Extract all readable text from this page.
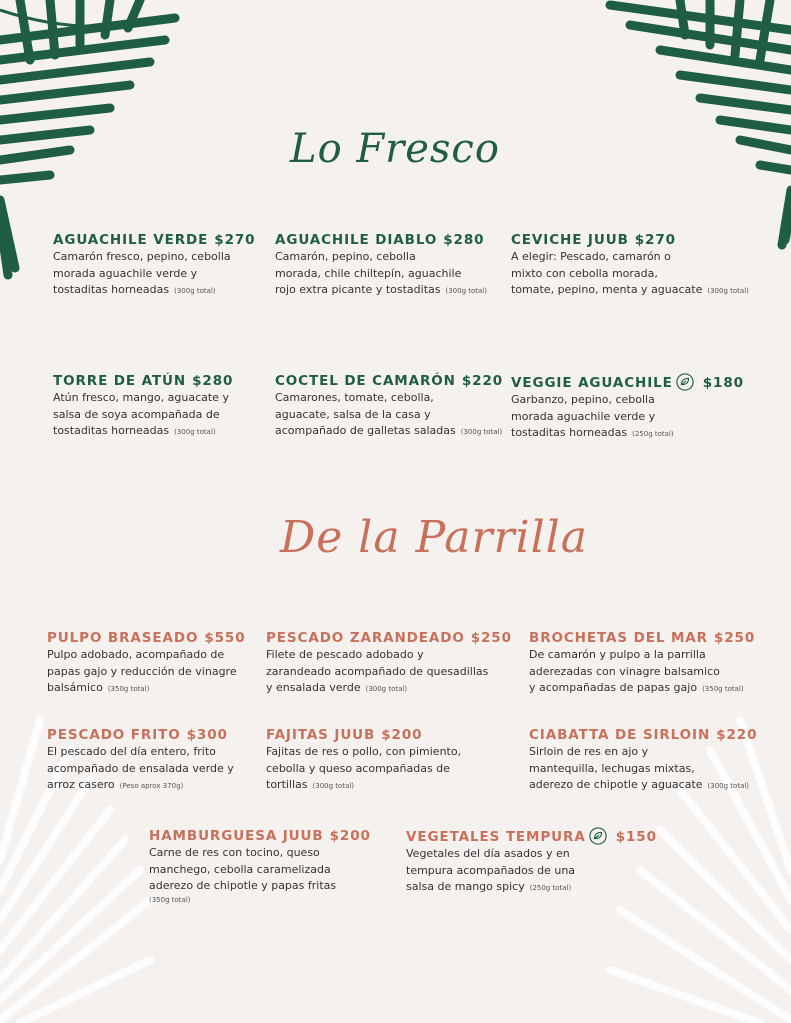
Lo Fresco
De la Parrilla
AGUACHILE VERDE $270
Camarón fresco, pepino, cebolla
morada aguachile verde y
tostaditas horneadas (300g total)
AGUACHILE DIABLO $280
Camarón, pepino, cebolla
morada, chile chiltepín, aguachile
rojo extra picante y tostaditas (300g total)
CEVICHE JUUB $270
A elegir: Pescado, camarón o
mixto con cebolla morada,
tomate, pepino, menta y aguacate (300g total)
TORRE DE ATÚN $280
Atún fresco, mango, aguacate y
salsa de soya acompañada de
tostaditas horneadas (300g total)
COCTEL DE CAMARÓN $220
Camarones, tomate, cebolla,
aguacate, salsa de la casa y
acompañado de galletas saladas (300g total)
VEGGIE AGUACHILE $180
Garbanzo, pepino, cebolla
morada aguachile verde y
tostaditas horneadas (250g total)
PULPO BRASEADO $550
Pulpo adobado, acompañado de
papas gajo y reducción de vinagre
balsámico (350g total)
PESCADO ZARANDEADO $250
Filete de pescado adobado y
zarandeado acompañado de quesadillas
y ensalada verde (300g total)
BROCHETAS DEL MAR $250
De camarón y pulpo a la parrilla
aderezadas con vinagre balsamico
y acompañadas de papas gajo (350g total)
PESCADO FRITO $300
El pescado del día entero, frito
acompañado de ensalada verde y
arroz casero (Peso aprox 370g)
FAJITAS JUUB $200
Fajitas de res o pollo, con pimiento,
cebolla y queso acompañadas de
tortillas (300g total)
CIABATTA DE SIRLOIN $220
Sirloin de res en ajo y
mantequilla, lechugas mixtas,
aderezo de chipotle y aguacate (300g total)
HAMBURGUESA JUUB $200
Carne de res con tocino, queso
manchego, cebolla caramelizada
aderezo de chipotle y papas fritas
(350g total)
VEGETALES TEMPURA $150
Vegetales del día asados y en
tempura acompañados de una
salsa de mango spicy (250g total)
